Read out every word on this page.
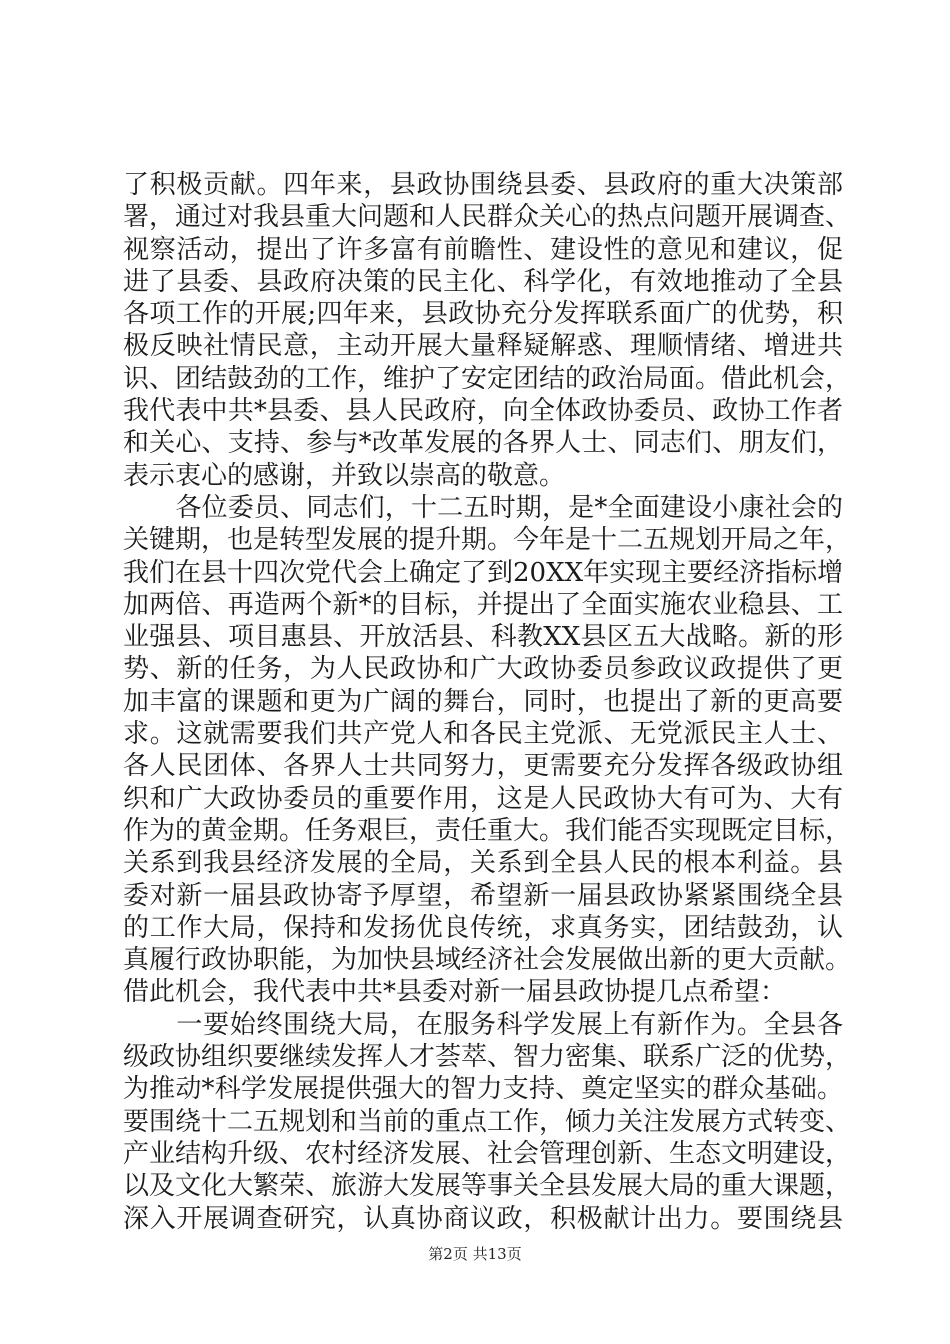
了积极贡献。四年来，县政协围绕县委、县政府的重大决策部
署，通过对我县重大问题和人民群众关心的热点问题开展调查、
视察活动，提出了许多富有前瞻性、建设性的意见和建议，促
进了县委、县政府决策的民主化、科学化，有效地推动了全县
各项工作的开展;四年来，县政协充分发挥联系面广的优势，积
极反映社情民意，主动开展大量释疑解惑、理顺情绪、增进共
识、团结鼓劲的工作，维护了安定团结的政治局面。借此机会，
我代表中共*县委、县人民政府，向全体政协委员、政协工作者
和关心、支持、参与*改革发展的各界人士、同志们、朋友们，
表示衷心的感谢，并致以崇高的敬意。
　　各位委员、同志们，十二五时期，是*全面建设小康社会的
关键期，也是转型发展的提升期。今年是十二五规划开局之年，
我们在县十四次党代会上确定了到20XX年实现主要经济指标增
加两倍、再造两个新*的目标，并提出了全面实施农业稳县、工
业强县、项目惠县、开放活县、科教XX县区五大战略。新的形
势、新的任务，为人民政协和广大政协委员参政议政提供了更
加丰富的课题和更为广阔的舞台，同时，也提出了新的更高要
求。这就需要我们共产党人和各民主党派、无党派民主人士、
各人民团体、各界人士共同努力，更需要充分发挥各级政协组
织和广大政协委员的重要作用，这是人民政协大有可为、大有
作为的黄金期。任务艰巨，责任重大。我们能否实现既定目标，
关系到我县经济发展的全局，关系到全县人民的根本利益。县
委对新一届县政协寄予厚望，希望新一届县政协紧紧围绕全县
的工作大局，保持和发扬优良传统，求真务实，团结鼓劲，认
真履行政协职能，为加快县域经济社会发展做出新的更大贡献。
借此机会，我代表中共*县委对新一届县政协提几点希望：
　　一要始终围绕大局，在服务科学发展上有新作为。全县各
级政协组织要继续发挥人才荟萃、智力密集、联系广泛的优势，
为推动*科学发展提供强大的智力支持、奠定坚实的群众基础。
要围绕十二五规划和当前的重点工作，倾力关注发展方式转变、
产业结构升级、农村经济发展、社会管理创新、生态文明建设，
以及文化大繁荣、旅游大发展等事关全县发展大局的重大课题，
深入开展调查研究，认真协商议政，积极献计出力。要围绕县
第2页 共13页
